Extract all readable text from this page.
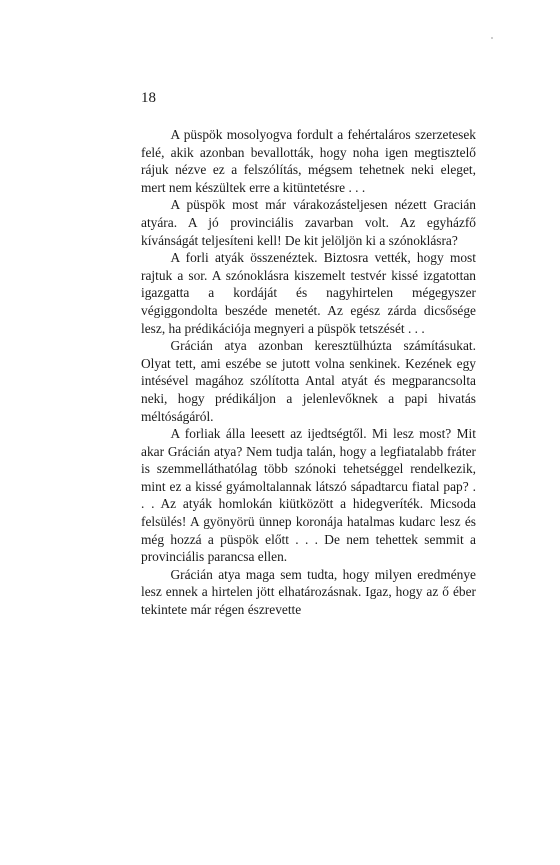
18

A püspök mosolyogva fordult a fehértaláros szerzetesek felé, akik azonban bevallották, hogy noha igen megtisztelő rájuk nézve ez a felszólítás, mégsem tehetnek neki eleget, mert nem készültek erre a kitüntetésre . . .

A püspök most már várakozásteljesen nézett Gracián atyára. A jó provinciális zavarban volt. Az egyházfő kívánságát teljesíteni kell! De kit jelöljön ki a szónoklásra?

A forli atyák összenéztek. Biztosra vették, hogy most rajtuk a sor. A szónoklásra kiszemelt testvér kissé izgatottan igazgatta a kordáját és nagyhirtelen mégegyszer végiggondolta beszéde menetét. Az egész zárda dicsősége lesz, ha prédikációja megnyeri a püspök tetszését . . .

Grácián atya azonban keresztülhúzta számításukat. Olyat tett, ami eszébe se jutott volna senkinek. Kezének egy intésével magához szólította Antal atyát és megparancsolta neki, hogy prédikáljon a jelenlevőknek a papi hivatás méltóságáról.

A forliak álla leesett az ijedtségtől. Mi lesz most? Mit akar Grácián atya? Nem tudja talán, hogy a legfiatalabb fráter is szemmelláthatólag több szónoki tehetséggel rendelkezik, mint ez a kissé gyámoltalannak látszó sápadtarcu fiatal pap? . . . Az atyák homlokán kiütközött a hidegveríték. Micsoda felsülés! A gyönyörü ünnep koronája hatalmas kudarc lesz és még hozzá a püspök előtt . . . De nem tehettek semmit a provinciális parancsa ellen.

Grácián atya maga sem tudta, hogy milyen eredménye lesz ennek a hirtelen jött elhatározásnak. Igaz, hogy az ő éber tekintete már régen észrevette
